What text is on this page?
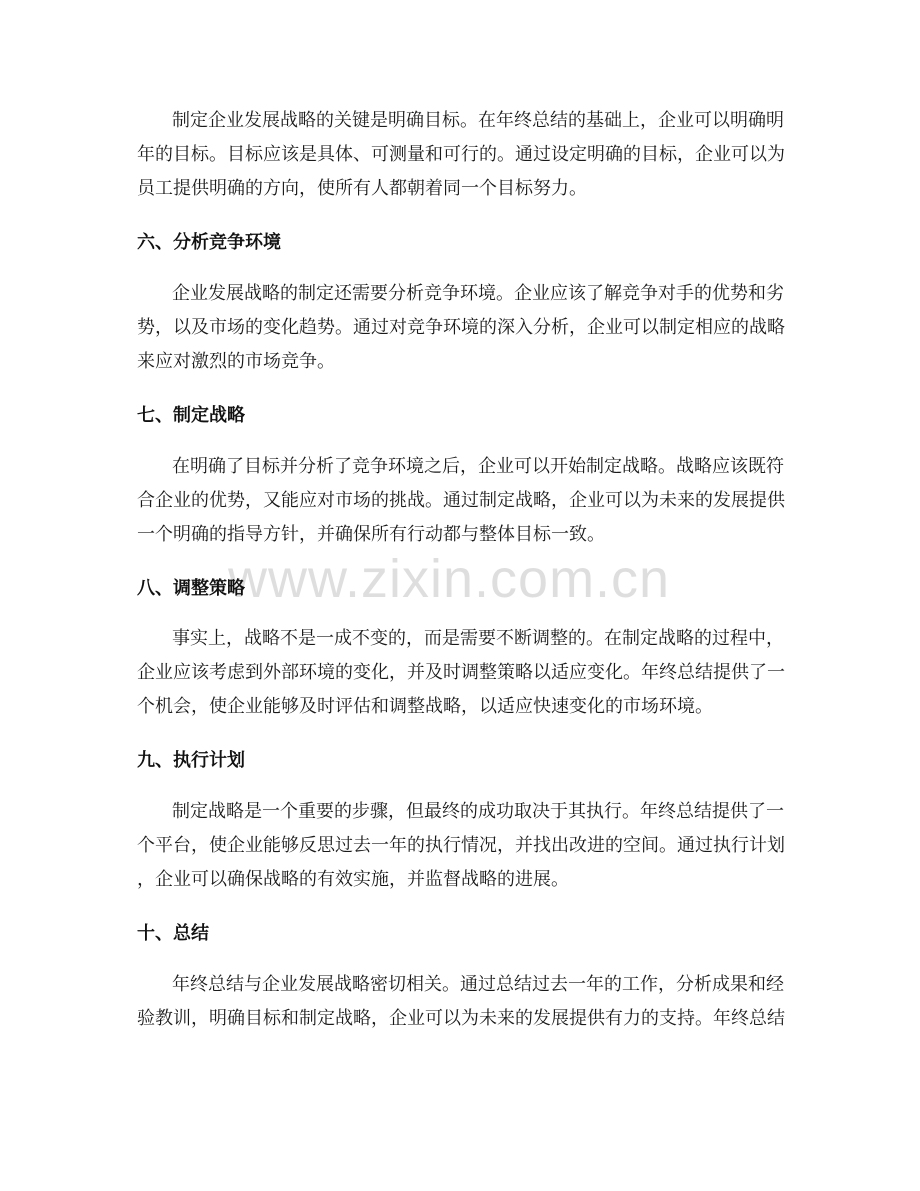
制定企业发展战略的关键是明确目标。在年终总结的基础上，企业可以明确明
年的目标。目标应该是具体、可测量和可行的。通过设定明确的目标，企业可以为
员工提供明确的方向，使所有人都朝着同一个目标努力。
六、分析竞争环境
企业发展战略的制定还需要分析竞争环境。企业应该了解竞争对手的优势和劣
势，以及市场的变化趋势。通过对竞争环境的深入分析，企业可以制定相应的战略
来应对激烈的市场竞争。
七、制定战略
在明确了目标并分析了竞争环境之后，企业可以开始制定战略。战略应该既符
合企业的优势，又能应对市场的挑战。通过制定战略，企业可以为未来的发展提供
一个明确的指导方针，并确保所有行动都与整体目标一致。
八、调整策略
事实上，战略不是一成不变的，而是需要不断调整的。在制定战略的过程中，
企业应该考虑到外部环境的变化，并及时调整策略以适应变化。年终总结提供了一
个机会，使企业能够及时评估和调整战略，以适应快速变化的市场环境。
九、执行计划
制定战略是一个重要的步骤，但最终的成功取决于其执行。年终总结提供了一
个平台，使企业能够反思过去一年的执行情况，并找出改进的空间。通过执行计划
，企业可以确保战略的有效实施，并监督战略的进展。
十、总结
年终总结与企业发展战略密切相关。通过总结过去一年的工作，分析成果和经
验教训，明确目标和制定战略，企业可以为未来的发展提供有力的支持。年终总结
www.zixin.com.cn
